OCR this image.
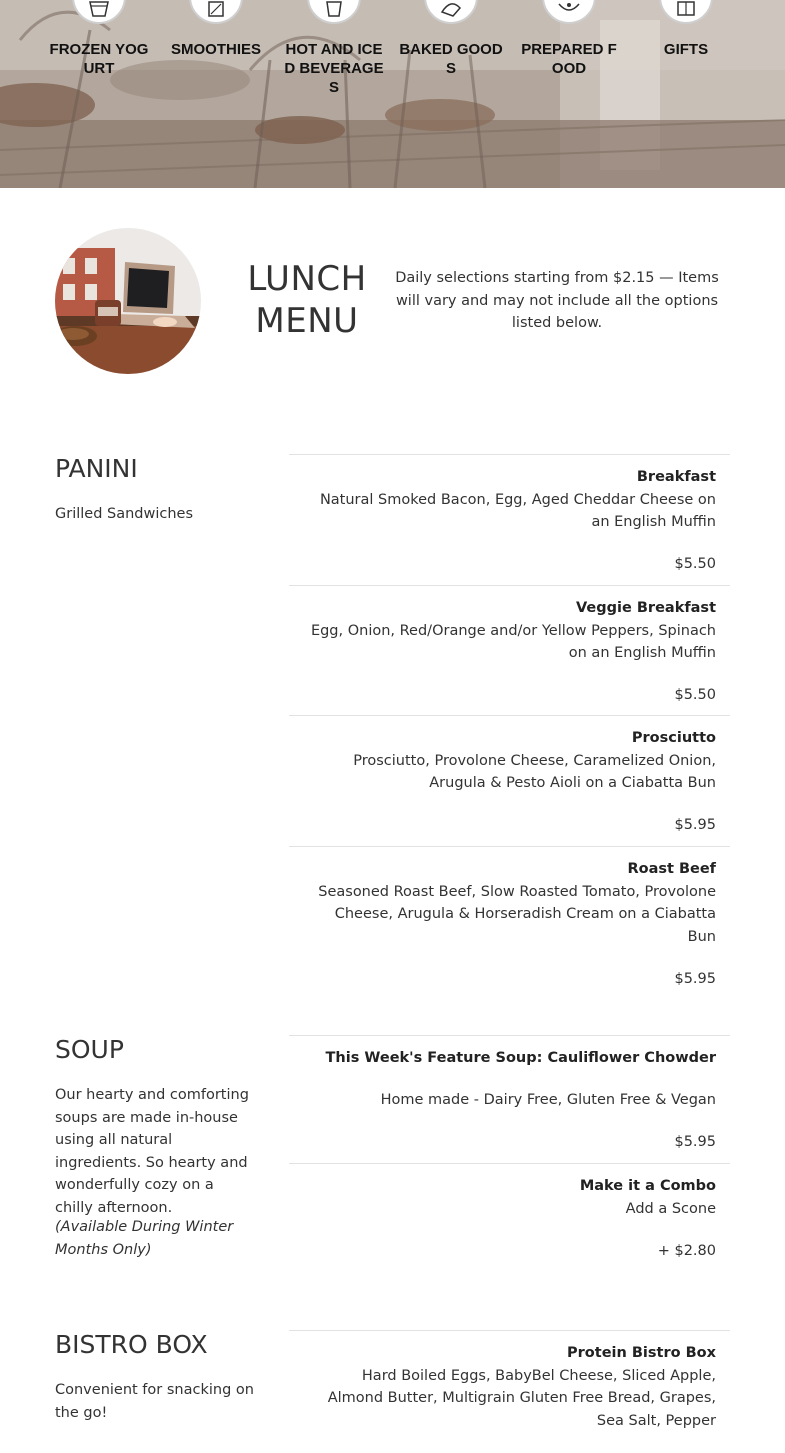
FROZEN YOGURT
SMOOTHIES	HOT AND ICED BEVERAGES
BAKED GOODS
PREPARED FOOD
GIFTS
LUNCH MENU
Daily selections starting from $2.15 — Items will vary and may not include all the options listed below.
PANINI
Grilled Sandwiches
Breakfast
Natural Smoked Bacon, Egg, Aged Cheddar Cheese on an English Muffin
$5.50
Veggie Breakfast
Egg, Onion, Red/Orange and/or Yellow Peppers, Spinach on an English Muffin
$5.50
Prosciutto
Prosciutto, Provolone Cheese, Caramelized Onion, Arugula & Pesto Aioli on a Ciabatta Bun
$5.95
Roast Beef
Seasoned Roast Beef, Slow Roasted Tomato, Provolone Cheese, Arugula & Horseradish Cream on a Ciabatta Bun
$5.95
SOUP
Our hearty and comforting soups are made in-house using all natural ingredients. So hearty and wonderfully cozy on a chilly afternoon.
(Available During Winter Months Only)
This Week's Feature Soup: Cauliflower Chowder
Home made - Dairy Free, Gluten Free & Vegan
$5.95
Make it a Combo
Add a Scone
+ $2.80
BISTRO BOX
Convenient for snacking on the go!
Protein Bistro Box
Hard Boiled Eggs, BabyBel Cheese, Sliced Apple, Almond Butter, Multigrain Gluten Free Bread, Grapes, Sea Salt, Pepper
